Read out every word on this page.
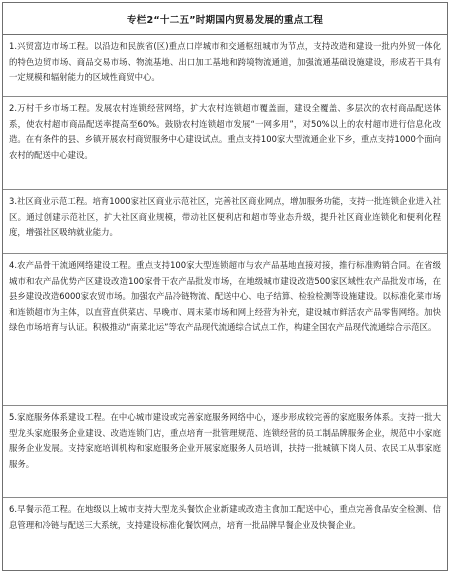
专栏2“十二五”时期国内贸易发展的重点工程
1.兴贸富边市场工程。以沿边和民族省(区)重点口岸城市和交通枢纽城市为节点，支持改造和建设一批内外贸一体化的特色边贸市场、商品交易市场、物流基地、出口加工基地和跨境物流通道，加强流通基础设施建设，形成若干具有一定规模和辐射能力的区域性商贸中心。
2.万村千乡市场工程。发展农村连锁经营网络，扩大农村连锁超市覆盖面，建设全覆盖、多层次的农村商品配送体系，使农村超市商品配送率提高至60%。鼓励农村连锁超市发展“一网多用”，对50%以上的农村超市进行信息化改造。在有条件的县、乡镇开展农村商贸服务中心建设试点。重点支持100家大型流通企业下乡，重点支持1000个面向农村的配送中心建设。
3.社区商业示范工程。培育1000家社区商业示范社区，完善社区商业网点，增加服务功能，支持一批连锁企业进入社区。通过创建示范社区，扩大社区商业规模，带动社区便利店和超市等业态升级，提升社区商业连锁化和便利化程度，增强社区吸纳就业能力。
4.农产品骨干流通网络建设工程。重点支持100家大型连锁超市与农产品基地直接对接，推行标准购销合同。在省级城市和农产品优势产区建设改造100家骨干农产品批发市场，在地级城市建设改造500家区域性农产品批发市场，在县乡建设改造6000家农贸市场。加强农产品冷链物流、配送中心、电子结算、检验检测等设施建设。以标准化菜市场和连锁超市为主体，以直营直供菜店、早晚市、周末菜市场和网上经营为补充，建设城市鲜活农产品零售网络。加快绿色市场培育与认证。积极推动“南菜北运”等农产品现代流通综合试点工作，构建全国农产品现代流通综合示范区。
5.家庭服务体系建设工程。在中心城市建设或完善家庭服务网络中心，逐步形成较完善的家庭服务体系。支持一批大型龙头家庭服务企业建设、改造连锁门店，重点培育一批管理规范、连锁经营的员工制品牌服务企业，规范中小家庭服务企业发展。支持家庭培训机构和家庭服务企业开展家庭服务人员培训，扶持一批城镇下岗人员、农民工从事家庭服务。
6.早餐示范工程。在地级以上城市支持大型龙头餐饮企业新建或改造主食加工配送中心，重点完善食品安全检测、信息管理和冷链与配送三大系统，支持建设标准化餐饮网点，培育一批品牌早餐企业及快餐企业。
